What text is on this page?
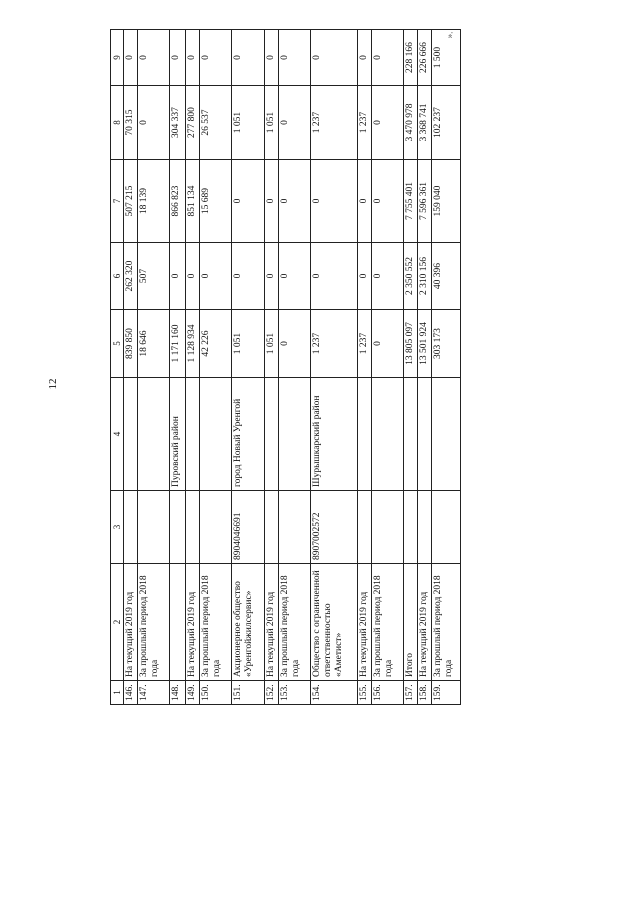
12
».
1	2	3	4	5	6	7	8	9
146.	На текущий 2019 год			839 850	262 320	507 215	70 315	0
147.	За прошлый период 2018 года			18 646	507	18 139	0	0
148.			Пуровский район	1 171 160	0	866 823	304 337	0
149.	На текущий 2019 год			1 128 934	0	851 134	277 800	0
150.	За прошлый период 2018 года			42 226	0	15 689	26 537	0
151.	Акционерное общество «Уренгойжилсервис»	8904046691	город Новый Уренгой	1 051	0	0	1 051	0
152.	На текущий 2019 год			1 051	0	0	1 051	0
153.	За прошлый период 2018 года			0	0	0	0	0
154.	Общество с ограниченной ответственностью «Аметист»	8907002572	Шурышкарский район	1 237	0	0	1 237	0
155.	На текущий 2019 год			1 237	0	0	1 237	0
156.	За прошлый период 2018 года			0	0	0	0	0
157.	Итого			13 805 097	2 350 552	7 755 401	3 470 978	228 166
158.	На текущий 2019 год			13 501 924	2 310 156	7 596 361	3 368 741	226 666
159.	За прошлый период 2018 года			303 173	40 396	159 040	102 237	1 500
